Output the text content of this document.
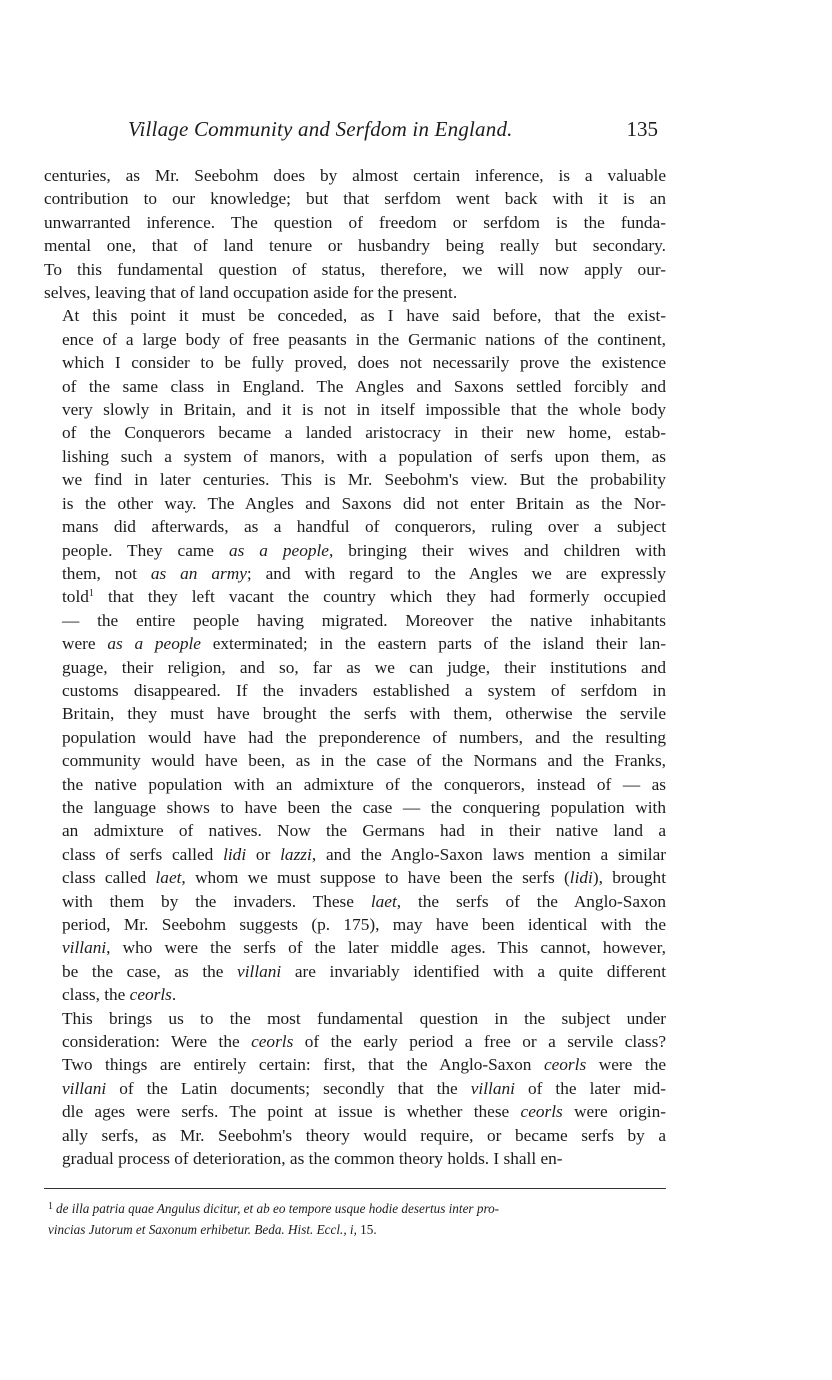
Village Community and Serfdom in England.	135

centuries, as Mr. Seebohm does by almost certain inference, is a valuable
contribution to our knowledge; but that serfdom went back with it is an
unwarranted inference. The question of freedom or serfdom is the funda-
mental one, that of land tenure or husbandry being really but secondary.
To this fundamental question of status, therefore, we will now apply our-
selves, leaving that of land occupation aside for the present.

At this point it must be conceded, as I have said before, that the exist-
ence of a large body of free peasants in the Germanic nations of the continent,
which I consider to be fully proved, does not necessarily prove the existence
of the same class in England. The Angles and Saxons settled forcibly and
very slowly in Britain, and it is not in itself impossible that the whole body
of the Conquerors became a landed aristocracy in their new home, estab-
lishing such a system of manors, with a population of serfs upon them, as
we find in later centuries. This is Mr. Seebohm's view. But the probability
is the other way. The Angles and Saxons did not enter Britain as the Nor-
mans did afterwards, as a handful of conquerors, ruling over a subject
people. They came as a people, bringing their wives and children with
them, not as an army; and with regard to the Angles we are expressly
told$^1$ that they left vacant the country which they had formerly occupied
— the entire people having migrated. Moreover the native inhabitants
were as a people exterminated; in the eastern parts of the island their lan-
guage, their religion, and so, far as we can judge, their institutions and
customs disappeared. If the invaders established a system of serfdom in
Britain, they must have brought the serfs with them, otherwise the servile
population would have had the preponderence of numbers, and the resulting
community would have been, as in the case of the Normans and the Franks,
the native population with an admixture of the conquerors, instead of — as
the language shows to have been the case — the conquering population with
an admixture of natives. Now the Germans had in their native land a
class of serfs called lidi or lazzi, and the Anglo-Saxon laws mention a similar
class called laet, whom we must suppose to have been the serfs (lidi), brought
with them by the invaders. These laet, the serfs of the Anglo-Saxon
period, Mr. Seebohm suggests (p. 175), may have been identical with the
villani, who were the serfs of the later middle ages. This cannot, however,
be the case, as the villani are invariably identified with a quite different
class, the ceorls.

This brings us to the most fundamental question in the subject under
consideration: Were the ceorls of the early period a free or a servile class?
Two things are entirely certain: first, that the Anglo-Saxon ceorls were the
villani of the Latin documents; secondly that the villani of the later mid-
dle ages were serfs. The point at issue is whether these ceorls were origin-
ally serfs, as Mr. Seebohm's theory would require, or became serfs by a
gradual process of deterioration, as the common theory holds. I shall en-

$^1$ de illa patria quae Angulus dicitur, et ab eo tempore usque hodie desertus inter pro-
vincias Jutorum et Saxonum erhibetur. Beda. Hist. Eccl., i, 15.
